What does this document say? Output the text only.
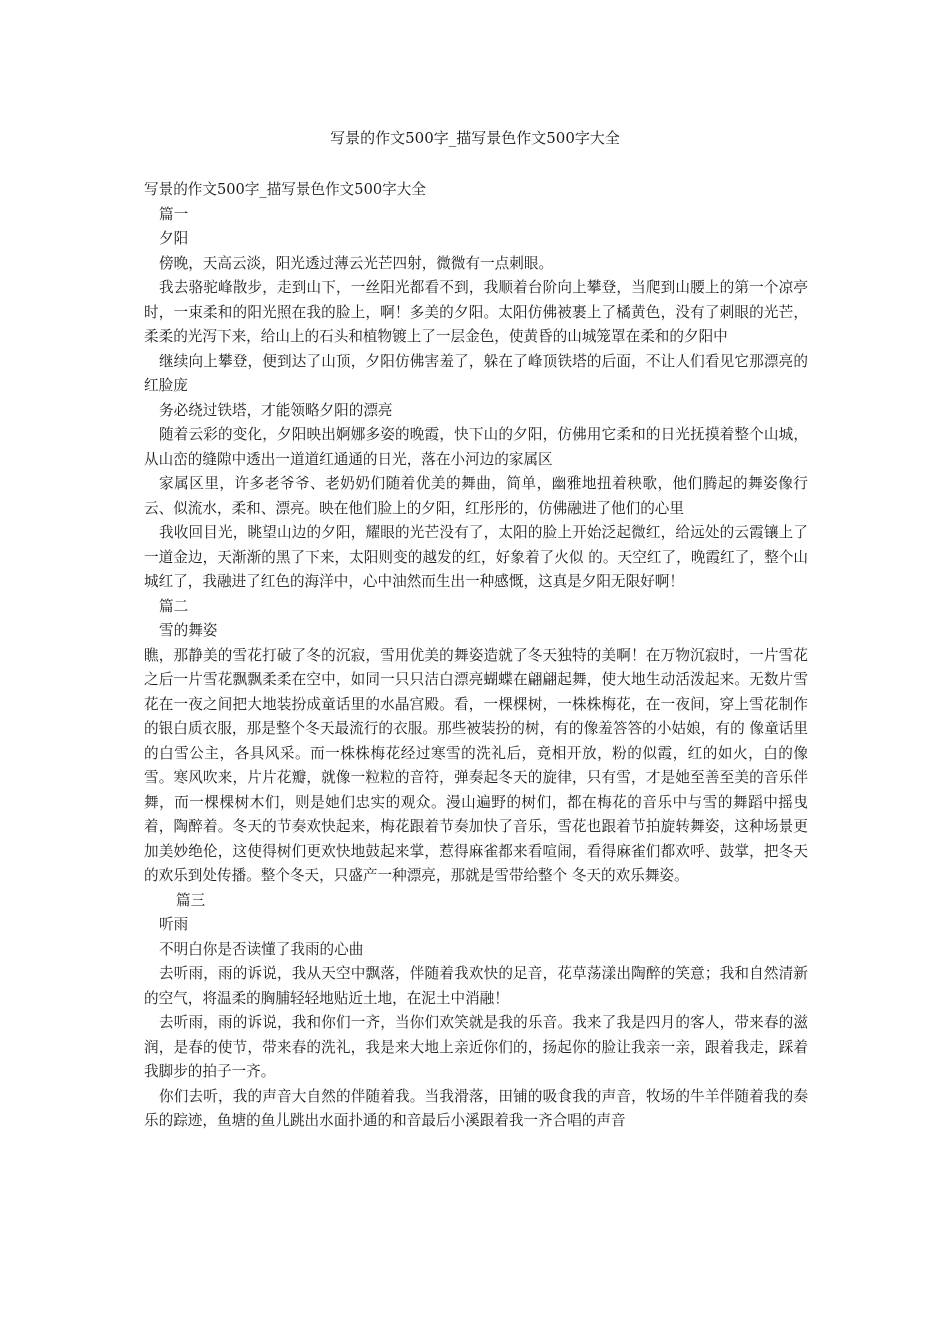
写景的作文500字_描写景色作文500字大全

写景的作文500字_描写景色作文500字大全

篇一

夕阳

傍晚，天高云淡，阳光透过薄云光芒四射，微微有一点刺眼。

我去骆驼峰散步，走到山下，一丝阳光都看不到，我顺着台阶向上攀登，当爬到山腰上的第一个凉亭时，一束柔和的阳光照在我的脸上，啊！多美的夕阳。太阳仿佛被裹上了橘黄色，没有了刺眼的光芒，柔柔的光泻下来，给山上的石头和植物镀上了一层金色，使黄昏的山城笼罩在柔和的夕阳中

继续向上攀登，便到达了山顶，夕阳仿佛害羞了，躲在了峰顶铁塔的后面，不让人们看见它那漂亮的红脸庞

务必绕过铁塔，才能领略夕阳的漂亮

随着云彩的变化，夕阳映出婀娜多姿的晚霞，快下山的夕阳，仿佛用它柔和的日光抚摸着整个山城，从山峦的缝隙中透出一道道红通通的日光，落在小河边的家属区

家属区里，许多老爷爷、老奶奶们随着优美的舞曲，简单，幽雅地扭着秧歌，他们腾起的舞姿像行云、似流水，柔和、漂亮。映在他们脸上的夕阳，红彤彤的，仿佛融进了他们的心里

我收回目光，眺望山边的夕阳，耀眼的光芒没有了，太阳的脸上开始泛起微红，给远处的云霞镶上了一道金边，天渐渐的黑了下来，太阳则变的越发的红，好象着了火似 的。天空红了，晚霞红了，整个山城红了，我融进了红色的海洋中，心中油然而生出一种感慨，这真是夕阳无限好啊！

篇二

雪的舞姿

瞧，那静美的雪花打破了冬的沉寂，雪用优美的舞姿造就了冬天独特的美啊！在万物沉寂时，一片雪花之后一片雪花飘飘柔柔在空中，如同一只只洁白漂亮蝴蝶在翩翩起舞，使大地生动活泼起来。无数片雪花在一夜之间把大地装扮成童话里的水晶宫殿。看，一棵棵树，一株株梅花，在一夜间，穿上雪花制作的银白质衣服，那是整个冬天最流行的衣服。那些被装扮的树，有的像羞答答的小姑娘，有的 像童话里的白雪公主，各具风采。而一株株梅花经过寒雪的洗礼后，竟相开放，粉的似霞，红的如火，白的像雪。寒风吹来，片片花瓣，就像一粒粒的音符，弹奏起冬天的旋律，只有雪，才是她至善至美的音乐伴舞，而一棵棵树木们，则是她们忠实的观众。漫山遍野的树们，都在梅花的音乐中与雪的舞蹈中摇曳着，陶醉着。冬天的节奏欢快起来，梅花跟着节奏加快了音乐，雪花也跟着节拍旋转舞姿，这种场景更加美妙绝伦，这使得树们更欢快地鼓起来掌，惹得麻雀都来看喧闹，看得麻雀们都欢呼、鼓掌，把冬天的欢乐到处传播。整个冬天，只盛产一种漂亮，那就是雪带给整个 冬天的欢乐舞姿。

篇三

听雨

不明白你是否读懂了我雨的心曲

去听雨，雨的诉说，我从天空中飘落，伴随着我欢快的足音，花草荡漾出陶醉的笑意；我和自然清新的空气，将温柔的胸脯轻轻地贴近土地，在泥土中消融！

去听雨，雨的诉说，我和你们一齐，当你们欢笑就是我的乐音。我来了我是四月的客人，带来春的滋润，是春的使节，带来春的洗礼，我是来大地上亲近你们的，扬起你的脸让我亲一亲，跟着我走，踩着我脚步的拍子一齐。

你们去听，我的声音大自然的伴随着我。当我滑落，田铺的吸食我的声音，牧场的牛羊伴随着我的奏乐的踪迹，鱼塘的鱼儿跳出水面扑通的和音最后小溪跟着我一齐合唱的声音
